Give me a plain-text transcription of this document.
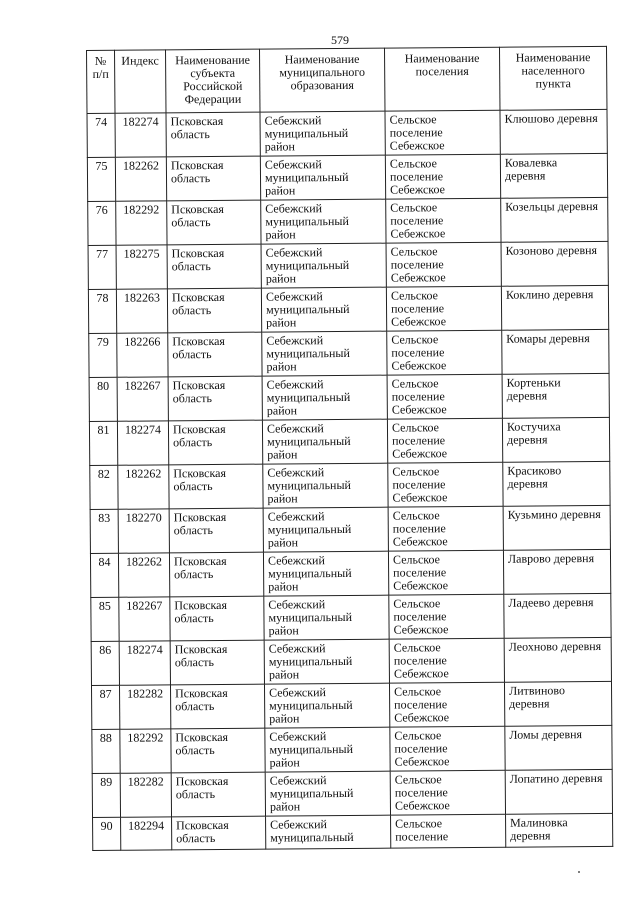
579
№
п/п	Индекс	Наименование
субъекта
Российской
Федерации	Наименование
муниципального
образования	Наименование
поселения	Наименование
населенного
пункта

74	182274	Псковская
область	Себежский
муниципальный
район	Сельское
поселение
Себежское	Клюшово деревня

75	182262	Псковская
область	Себежский
муниципальный
район	Сельское
поселение
Себежское	Ковалевка
деревня

76	182292	Псковская
область	Себежский
муниципальный
район	Сельское
поселение
Себежское	Козельцы деревня

77	182275	Псковская
область	Себежский
муниципальный
район	Сельское
поселение
Себежское	Козоново деревня

78	182263	Псковская
область	Себежский
муниципальный
район	Сельское
поселение
Себежское	Коклино деревня

79	182266	Псковская
область	Себежский
муниципальный
район	Сельское
поселение
Себежское	Комары деревня

80	182267	Псковская
область	Себежский
муниципальный
район	Сельское
поселение
Себежское	Кортеньки
деревня

81	182274	Псковская
область	Себежский
муниципальный
район	Сельское
поселение
Себежское	Костучиха
деревня

82	182262	Псковская
область	Себежский
муниципальный
район	Сельское
поселение
Себежское	Красиково
деревня

83	182270	Псковская
область	Себежский
муниципальный
район	Сельское
поселение
Себежское	Кузьмино деревня

84	182262	Псковская
область	Себежский
муниципальный
район	Сельское
поселение
Себежское	Лаврово деревня

85	182267	Псковская
область	Себежский
муниципальный
район	Сельское
поселение
Себежское	Ладеево деревня

86	182274	Псковская
область	Себежский
муниципальный
район	Сельское
поселение
Себежское	Леохново деревня

87	182282	Псковская
область	Себежский
муниципальный
район	Сельское
поселение
Себежское	Литвиново
деревня

88	182292	Псковская
область	Себежский
муниципальный
район	Сельское
поселение
Себежское	Ломы деревня

89	182282	Псковская
область	Себежский
муниципальный
район	Сельское
поселение
Себежское	Лопатино деревня

90	182294	Псковская
область	Себежский
муниципальный	Сельское
поселение	Малиновка
деревня
